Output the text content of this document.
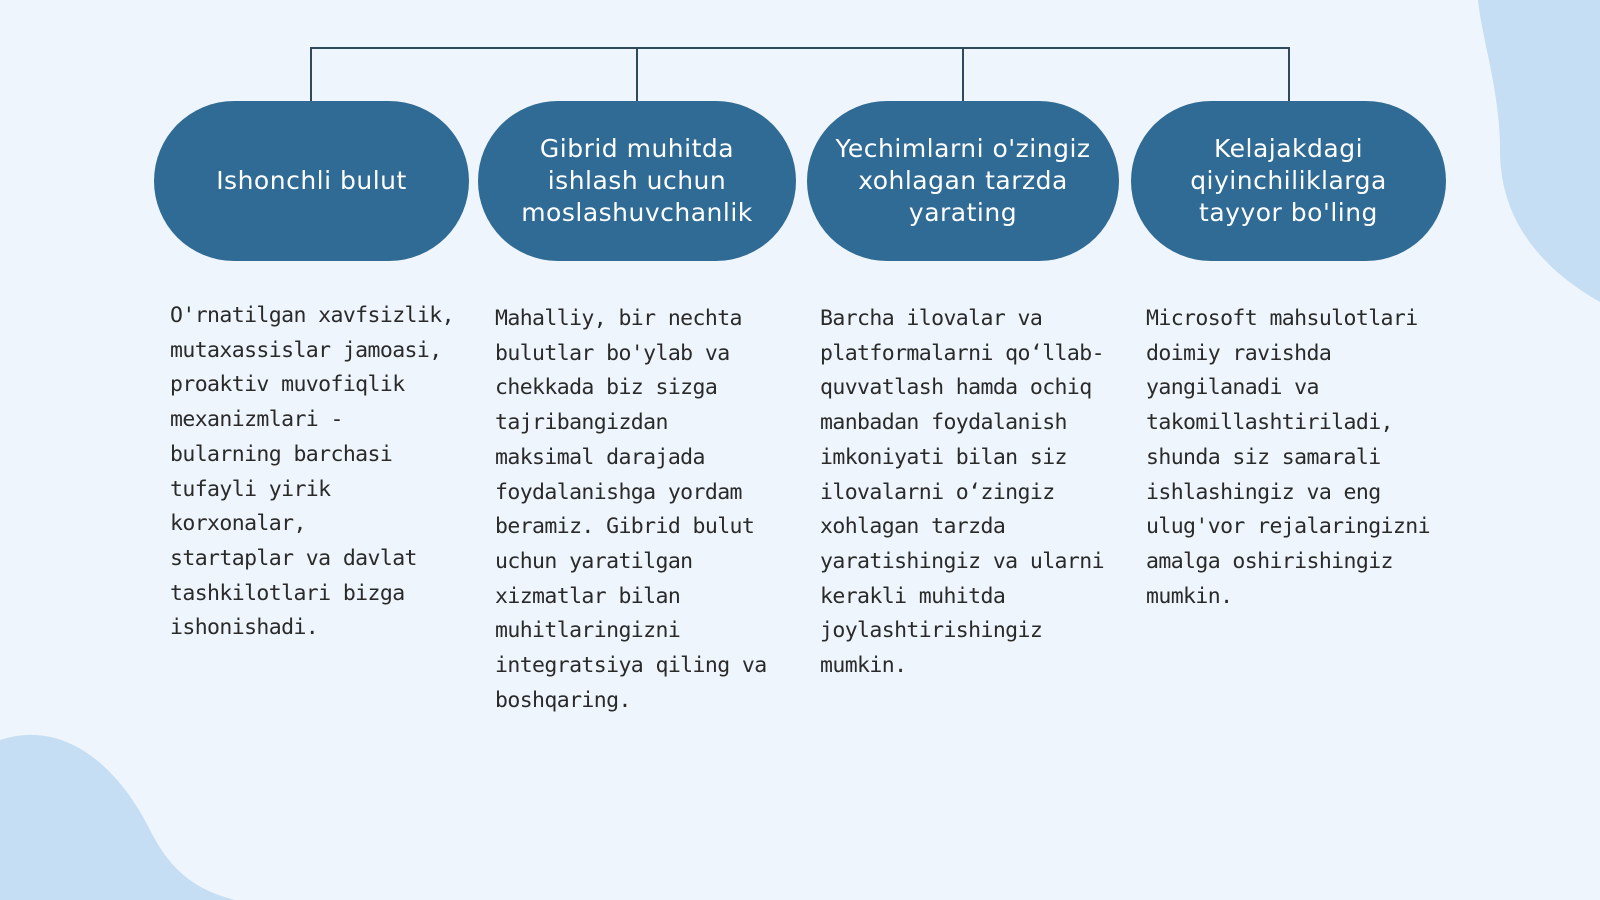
Ishonchli bulut

O'rnatilgan xavfsizlik,
mutaxassislar jamoasi,
proaktiv muvofiqlik
mexanizmlari -
bularning barchasi
tufayli yirik korxonalar,
startaplar va davlat
tashkilotlari bizga
ishonishadi.

Gibrid muhitda
ishlash uchun
moslashuvchanlik

Mahalliy, bir nechta
bulutlar bo'ylab va
chekkada biz sizga
tajribangizdan
maksimal darajada
foydalanishga yordam
beramiz. Gibrid bulut
uchun yaratilgan
xizmatlar bilan
muhitlaringizni
integratsiya qiling va
boshqaring.

Yechimlarni o'zingiz
xohlagan tarzda
yarating

Barcha ilovalar va
platformalarni qo‘llab-
quvvatlash hamda ochiq
manbadan foydalanish
imkoniyati bilan siz
ilovalarni o‘zingiz
xohlagan tarzda
yaratishingiz va ularni
kerakli muhitda
joylashtirishingiz
mumkin.

Kelajakdagi
qiyinchiliklarga
tayyor bo'ling

Microsoft mahsulotlari
doimiy ravishda
yangilanadi va
takomillashtiriladi,
shunda siz samarali
ishlashingiz va eng
ulug'vor rejalaringizni
amalga oshirishingiz
mumkin.
